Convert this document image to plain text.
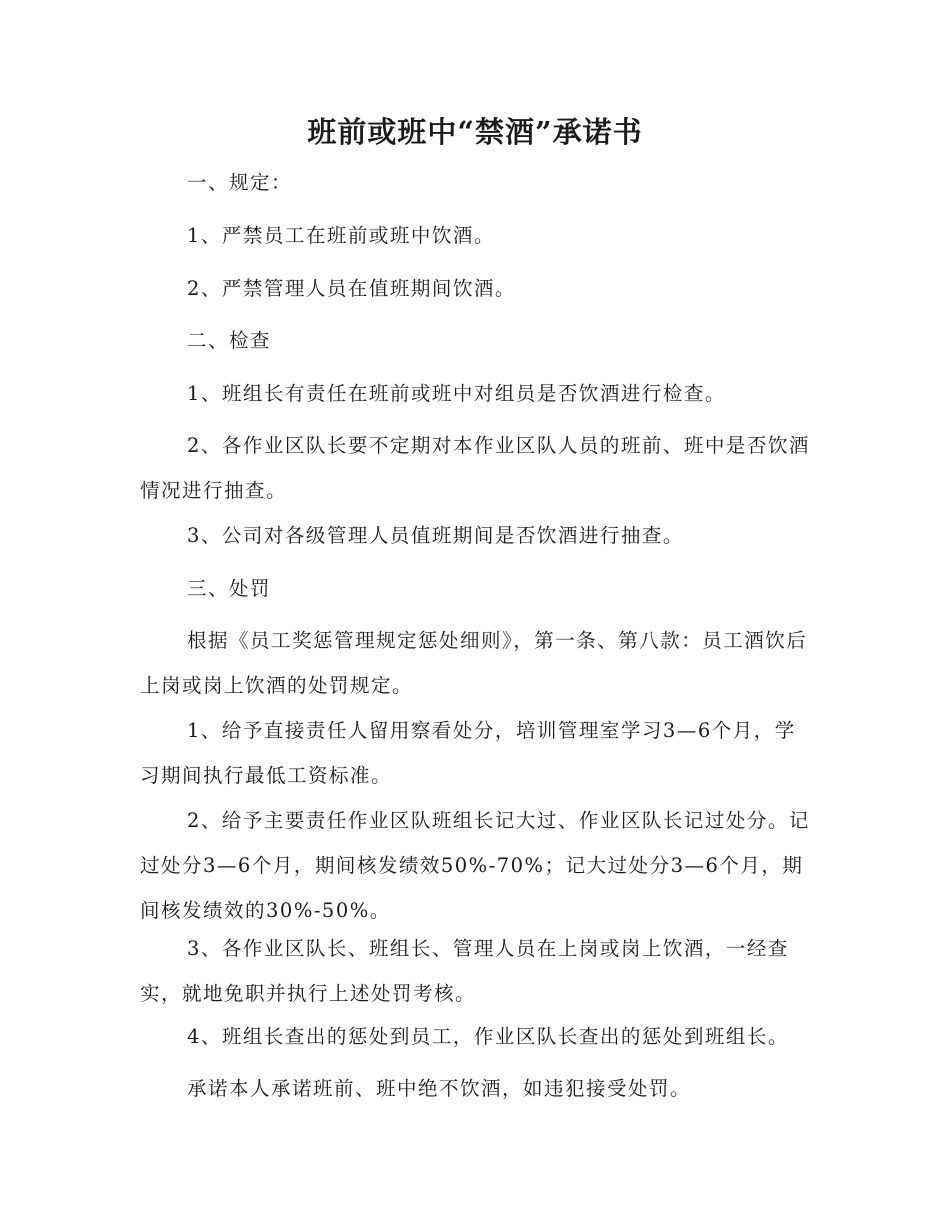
班前或班中“禁酒”承诺书

一、规定：

1、严禁员工在班前或班中饮酒。

2、严禁管理人员在值班期间饮酒。

二、检查

1、班组长有责任在班前或班中对组员是否饮酒进行检查。

2、各作业区队长要不定期对本作业区队人员的班前、班中是否饮酒情况进行抽查。

3、公司对各级管理人员值班期间是否饮酒进行抽查。

三、处罚

根据《员工奖惩管理规定惩处细则》，第一条、第八款：员工酒饮后上岗或岗上饮酒的处罚规定。

1、给予直接责任人留用察看处分，培训管理室学习3—6个月，学习期间执行最低工资标准。

2、给予主要责任作业区队班组长记大过、作业区队长记过处分。记过处分3—6个月，期间核发绩效50%-70%；记大过处分3—6个月，期间核发绩效的30%-50%。

3、各作业区队长、班组长、管理人员在上岗或岗上饮酒，一经查实，就地免职并执行上述处罚考核。

4、班组长查出的惩处到员工，作业区队长查出的惩处到班组长。

承诺本人承诺班前、班中绝不饮酒，如违犯接受处罚。
